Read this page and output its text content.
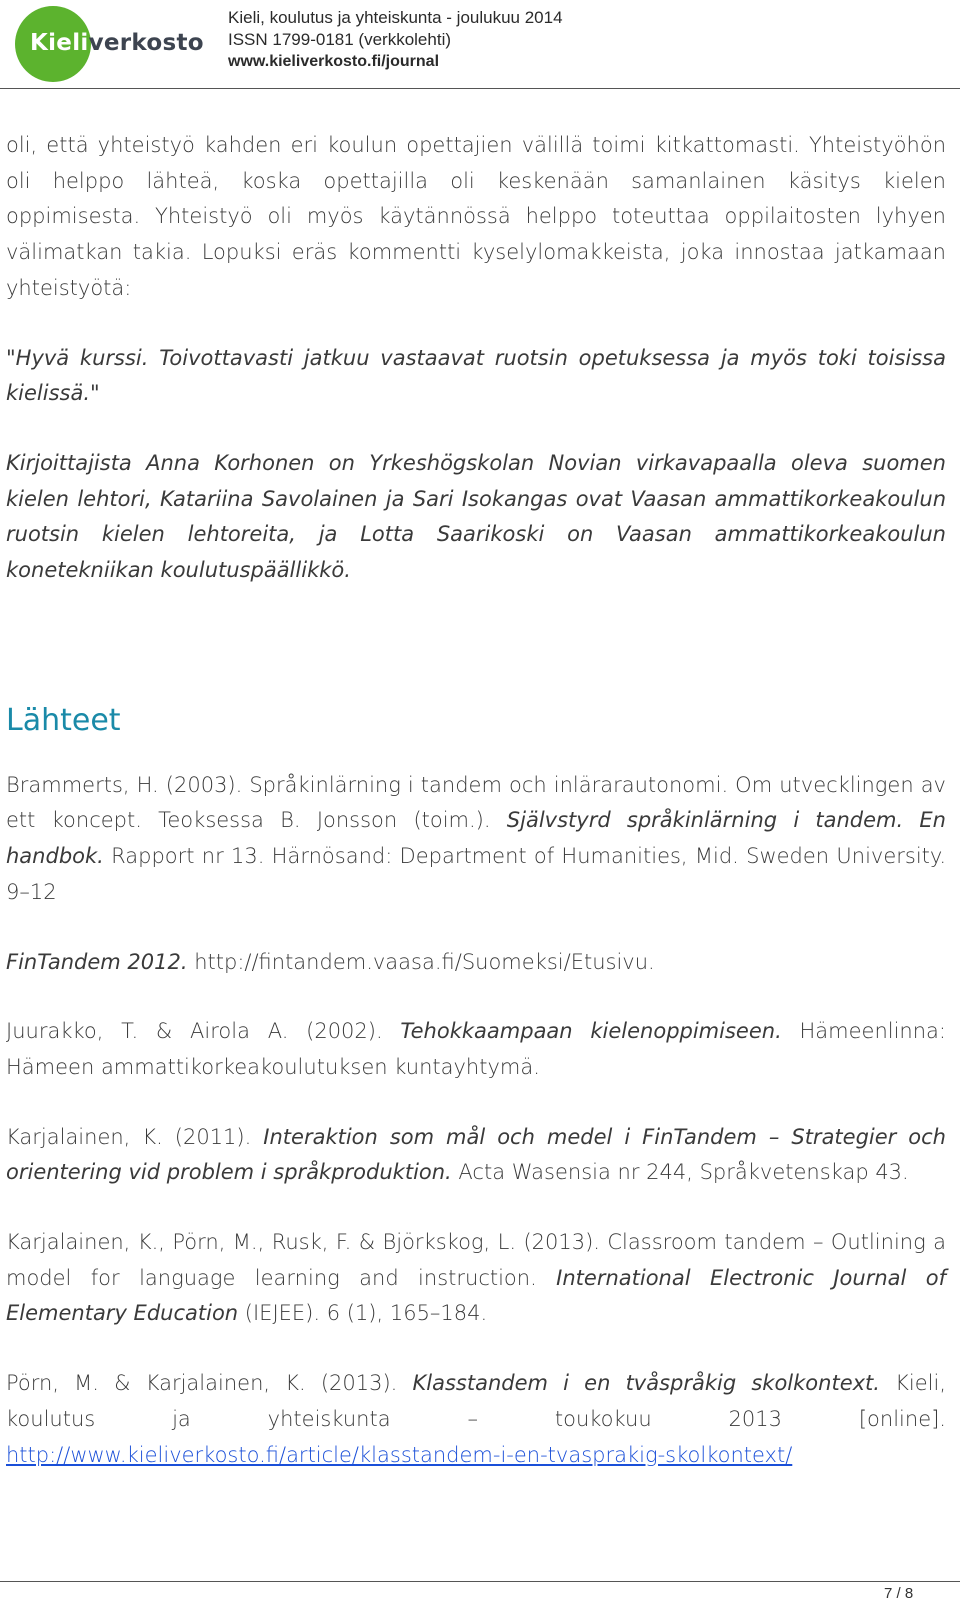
Kieliverkosto
Kieli, koulutus ja yhteiskunta - joulukuu 2014
ISSN 1799-0181 (verkkolehti)
www.kieliverkosto.fi/journal

oli, että yhteistyö kahden eri koulun opettajien välillä toimi kitkattomasti. Yhteistyöhön oli helppo lähteä, koska opettajilla oli keskenään samanlainen käsitys kielen oppimisesta. Yhteistyö oli myös käytännössä helppo toteuttaa oppilaitosten lyhyen välimatkan takia. Lopuksi eräs kommentti kyselylomakkeista, joka innostaa jatkamaan yhteistyötä:

"Hyvä kurssi. Toivottavasti jatkuu vastaavat ruotsin opetuksessa ja myös toki toisissa kielissä."

Kirjoittajista Anna Korhonen on Yrkeshögskolan Novian virkavapaalla oleva suomen kielen lehtori, Katariina Savolainen ja Sari Isokangas ovat Vaasan ammattikorkeakoulun ruotsin kielen lehtoreita, ja Lotta Saarikoski on Vaasan ammattikorkeakoulun konetekniikan koulutuspäällikkö.

Lähteet

Brammerts, H. (2003). Språkinlärning i tandem och inlärarautonomi. Om utvecklingen av ett koncept. Teoksessa B. Jonsson (toim.). Självstyrd språkinlärning i tandem. En handbok. Rapport nr 13. Härnösand: Department of Humanities, Mid. Sweden University. 9–12

FinTandem 2012. http://fintandem.vaasa.fi/Suomeksi/Etusivu.

Juurakko, T. & Airola A. (2002). Tehokkaampaan kielenoppimiseen. Hämeenlinna: Hämeen ammattikorkeakoulutuksen kuntayhtymä.

Karjalainen, K. (2011). Interaktion som mål och medel i FinTandem – Strategier och orientering vid problem i språkproduktion. Acta Wasensia nr 244, Språkvetenskap 43.

Karjalainen, K., Pörn, M., Rusk, F. & Björkskog, L. (2013). Classroom tandem – Outlining a model for language learning and instruction. International Electronic Journal of Elementary Education (IEJEE). 6 (1), 165–184.

Pörn, M. & Karjalainen, K. (2013). Klasstandem i en tvåspråkig skolkontext. Kieli, koulutus ja yhteiskunta – toukokuu 2013 [online]. http://www.kieliverkosto.fi/article/klasstandem-i-en-tvasprakig-skolkontext/

7 / 8
